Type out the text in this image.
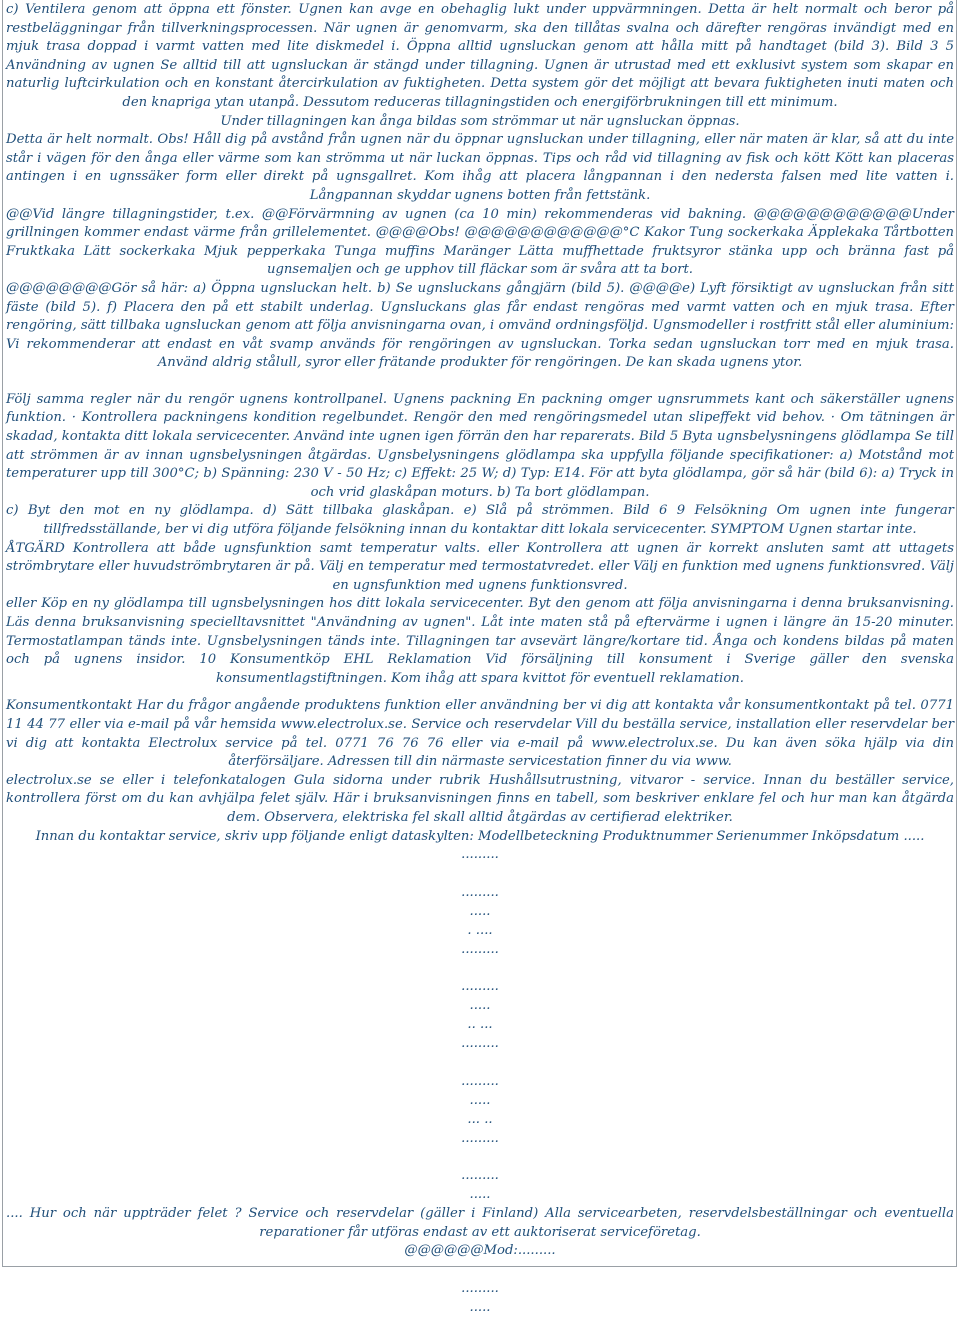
c) Ventilera genom att öppna ett fönster. Ugnen kan avge en obehaglig lukt under uppvärmningen. Detta är helt normalt och beror på restbeläggningar från tillverkningsprocessen. När ugnen är genomvarm, ska den tillåtas svalna och därefter rengöras invändigt med en mjuk trasa doppad i varmt vatten med lite diskmedel i. Öppna alltid ugnsluckan genom att hålla mitt på handtaget (bild 3). Bild 3 5 Användning av ugnen Se alltid till att ugnsluckan är stängd under tillagning. Ugnen är utrustad med ett exklusivt system som skapar en naturlig luftcirkulation och en konstant återcirkulation av fuktigheten. Detta system gör det möjligt att bevara fuktigheten inuti maten och den knapriga ytan utanpå. Dessutom reduceras tillagningstiden och energiförbrukningen till ett minimum.

Under tillagningen kan ånga bildas som strömmar ut när ugnsluckan öppnas.

Detta är helt normalt. Obs! Håll dig på avstånd från ugnen när du öppnar ugnsluckan under tillagning, eller när maten är klar, så att du inte står i vägen för den ånga eller värme som kan strömma ut när luckan öppnas. Tips och råd vid tillagning av fisk och kött Kött kan placeras antingen i en ugnssäker form eller direkt på ugnsgallret. Kom ihåg att placera långpannan i den nedersta falsen med lite vatten i. Långpannan skyddar ugnens botten från fettstänk.

@@Vid längre tillagningstider, t.ex. @@Förvärmning av ugnen (ca 10 min) rekommenderas vid bakning. @@@@@@@@@@@@Under grillningen kommer endast värme från grillelementet. @@@@Obs! @@@@@@@@@@@@°C Kakor Tung sockerkaka Äpplekaka Tårtbotten Fruktkaka Lätt sockerkaka Mjuk pepperkaka Tunga muffins Maränger Lätta muffhettade fruktsyror stänka upp och bränna fast på ugnsemaljen och ge upphov till fläckar som är svåra att ta bort.

@@@@@@@@Gör så här: a) Öppna ugnsluckan helt. b) Se ugnsluckans gångjärn (bild 5). @@@@e) Lyft försiktigt av ugnsluckan från sitt fäste (bild 5). f) Placera den på ett stabilt underlag. Ugnsluckans glas får endast rengöras med varmt vatten och en mjuk trasa. Efter rengöring, sätt tillbaka ugnsluckan genom att följa anvisningarna ovan, i omvänd ordningsföljd. Ugnsmodeller i rostfritt stål eller aluminium: Vi rekommenderar att endast en våt svamp används för rengöringen av ugnsluckan. Torka sedan ugnsluckan torr med en mjuk trasa. Använd aldrig stålull, syror eller frätande produkter för rengöringen. De kan skada ugnens ytor.

Följ samma regler när du rengör ugnens kontrollpanel. Ugnens packning En packning omger ugnsrummets kant och säkerställer ugnens funktion. · Kontrollera packningens kondition regelbundet. Rengör den med rengöringsmedel utan slipeffekt vid behov. · Om tätningen är skadad, kontakta ditt lokala servicecenter. Använd inte ugnen igen förrän den har reparerats. Bild 5 Byta ugnsbelysningens glödlampa Se till att strömmen är av innan ugnsbelysningen åtgärdas. Ugnsbelysningens glödlampa ska uppfylla följande specifikationer: a) Motstånd mot temperaturer upp till 300°C; b) Spänning: 230 V - 50 Hz; c) Effekt: 25 W; d) Typ: E14. För att byta glödlampa, gör så här (bild 6): a) Tryck in och vrid glaskåpan moturs. b) Ta bort glödlampan.

c) Byt den mot en ny glödlampa. d) Sätt tillbaka glaskåpan. e) Slå på strömmen. Bild 6 9 Felsökning Om ugnen inte fungerar tillfredsställande, ber vi dig utföra följande felsökning innan du kontaktar ditt lokala servicecenter. SYMPTOM Ugnen startar inte.

ÅTGÄRD Kontrollera att både ugnsfunktion samt temperatur valts. eller Kontrollera att ugnen är korrekt ansluten samt att uttagets strömbrytare eller huvudströmbrytaren är på. Välj en temperatur med termostatvredet. eller Välj en funktion med ugnens funktionsvred. Välj en ugnsfunktion med ugnens funktionsvred.

eller Köp en ny glödlampa till ugnsbelysningen hos ditt lokala servicecenter. Byt den genom att följa anvisningarna i denna bruksanvisning. Läs denna bruksanvisning specielltavsnittet "Användning av ugnen". Låt inte maten stå på eftervärme i ugnen i längre än 15-20 minuter. Termostatlampan tänds inte. Ugnsbelysningen tänds inte. Tillagningen tar avsevärt längre/kortare tid. Ånga och kondens bildas på maten och på ugnens insidor. 10 Konsumentköp EHL Reklamation Vid försäljning till konsument i Sverige gäller den svenska konsumentlagstiftningen. Kom ihåg att spara kvittot för eventuell reklamation.

Konsumentkontakt Har du frågor angående produktens funktion eller användning ber vi dig att kontakta vår konsumentkontakt på tel. 0771 11 44 77 eller via e-mail på vår hemsida www.electrolux.se. Service och reservdelar Vill du beställa service, installation eller reservdelar ber vi dig att kontakta Electrolux service på tel. 0771 76 76 76 eller via e-mail på www.electrolux.se. Du kan även söka hjälp via din återförsäljare. Adressen till din närmaste servicestation finner du via www.

electrolux.se se eller i telefonkatalogen Gula sidorna under rubrik Hushållsutrustning, vitvaror - service. Innan du beställer service, kontrollera först om du kan avhjälpa felet själv. Här i bruksanvisningen finns en tabell, som beskriver enklare fel och hur man kan åtgärda dem. Observera, elektriska fel skall alltid åtgärdas av certifierad elektriker.

Innan du kontaktar service, skriv upp följande enligt dataskylten: Modellbeteckning Produktnummer Serienummer Inköpsdatum .....

.........
.........
.....
. ....
.........
.........
.....
.. ...
.........
.........
.....
... ..
.........
.........
.....

.... Hur och när uppträder felet ? Service och reservdelar (gäller i Finland) Alla servicearbeten, reservdelsbeställningar och eventuella reparationer får utföras endast av ett auktoriserat serviceföretag.

@@@@@@Mod:.........

.........
.....
